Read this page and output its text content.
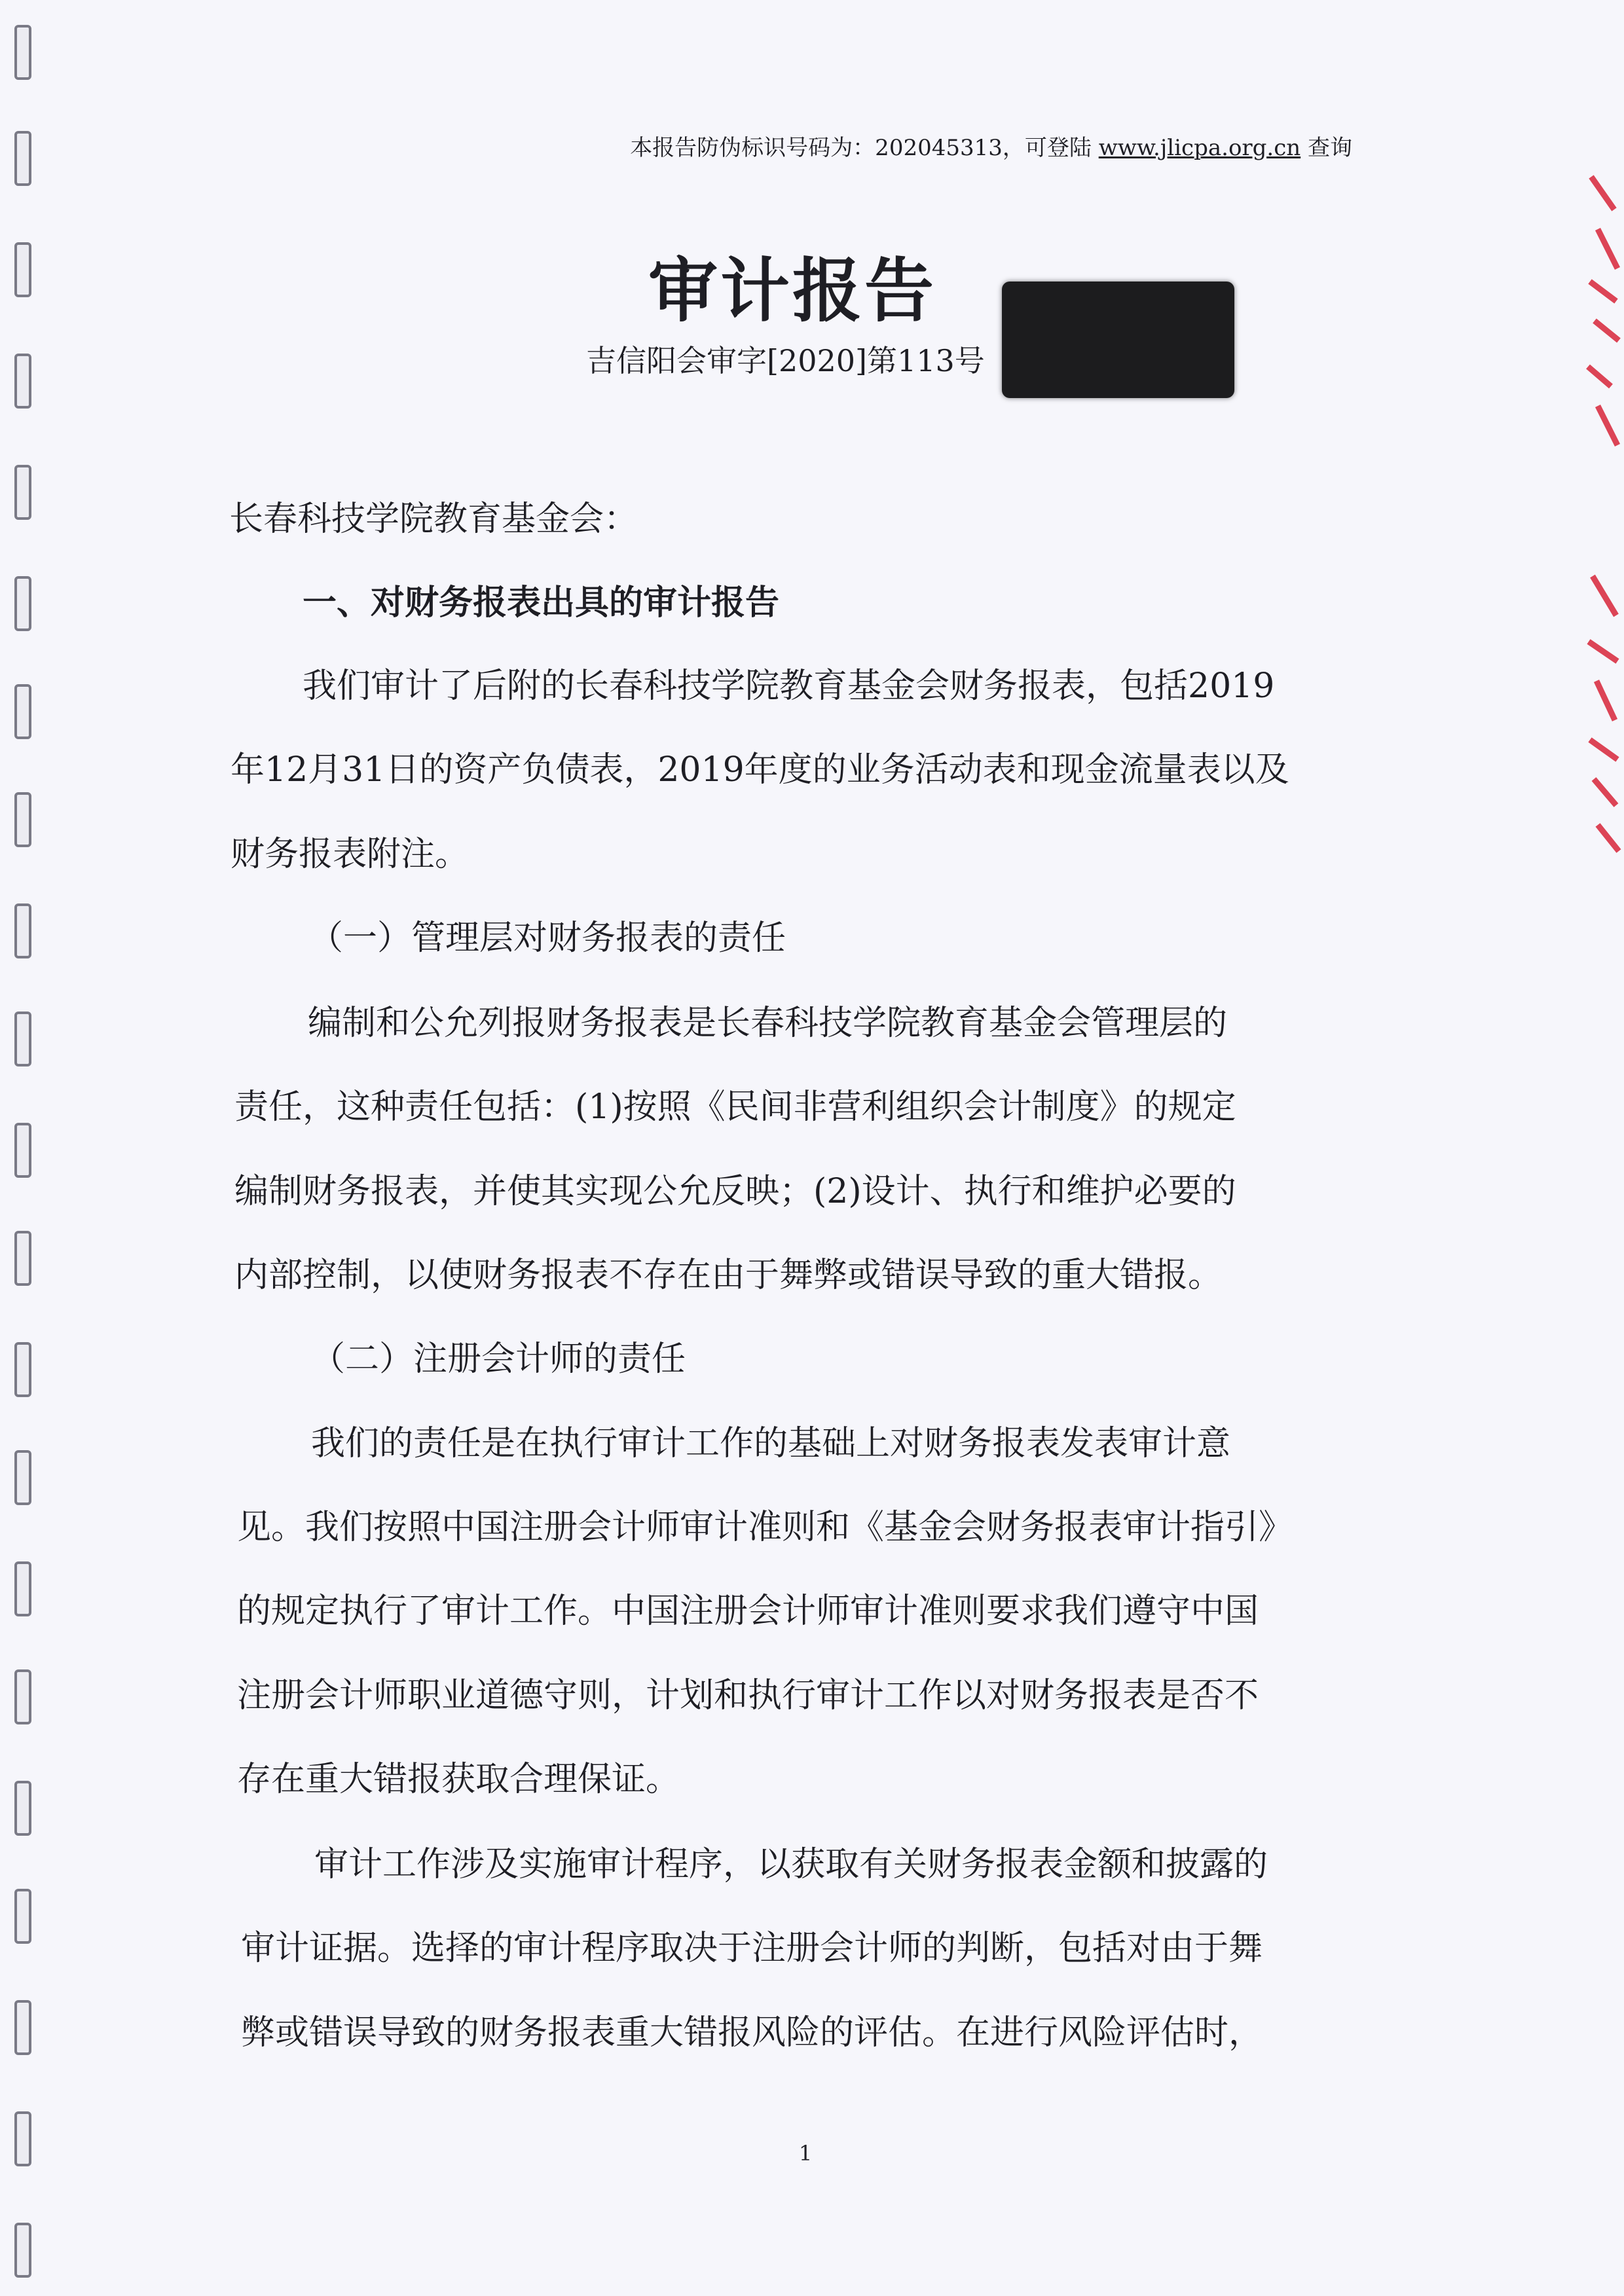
本报告防伪标识号码为：202045313，可登陆 www.jlicpa.org.cn 查询
审计报告
吉信阳会审字[2020]第113号
长春科技学院教育基金会：
一、对财务报表出具的审计报告
我们审计了后附的长春科技学院教育基金会财务报表，包括2019
年12月31日的资产负债表，2019年度的业务活动表和现金流量表以及
财务报表附注。
（一）管理层对财务报表的责任
编制和公允列报财务报表是长春科技学院教育基金会管理层的
责任，这种责任包括：(1)按照《民间非营利组织会计制度》的规定
编制财务报表，并使其实现公允反映；(2)设计、执行和维护必要的
内部控制，以使财务报表不存在由于舞弊或错误导致的重大错报。
（二）注册会计师的责任
我们的责任是在执行审计工作的基础上对财务报表发表审计意
见。我们按照中国注册会计师审计准则和《基金会财务报表审计指引》
的规定执行了审计工作。中国注册会计师审计准则要求我们遵守中国
注册会计师职业道德守则，计划和执行审计工作以对财务报表是否不
存在重大错报获取合理保证。
审计工作涉及实施审计程序，以获取有关财务报表金额和披露的
审计证据。选择的审计程序取决于注册会计师的判断，包括对由于舞
弊或错误导致的财务报表重大错报风险的评估。在进行风险评估时，
1
